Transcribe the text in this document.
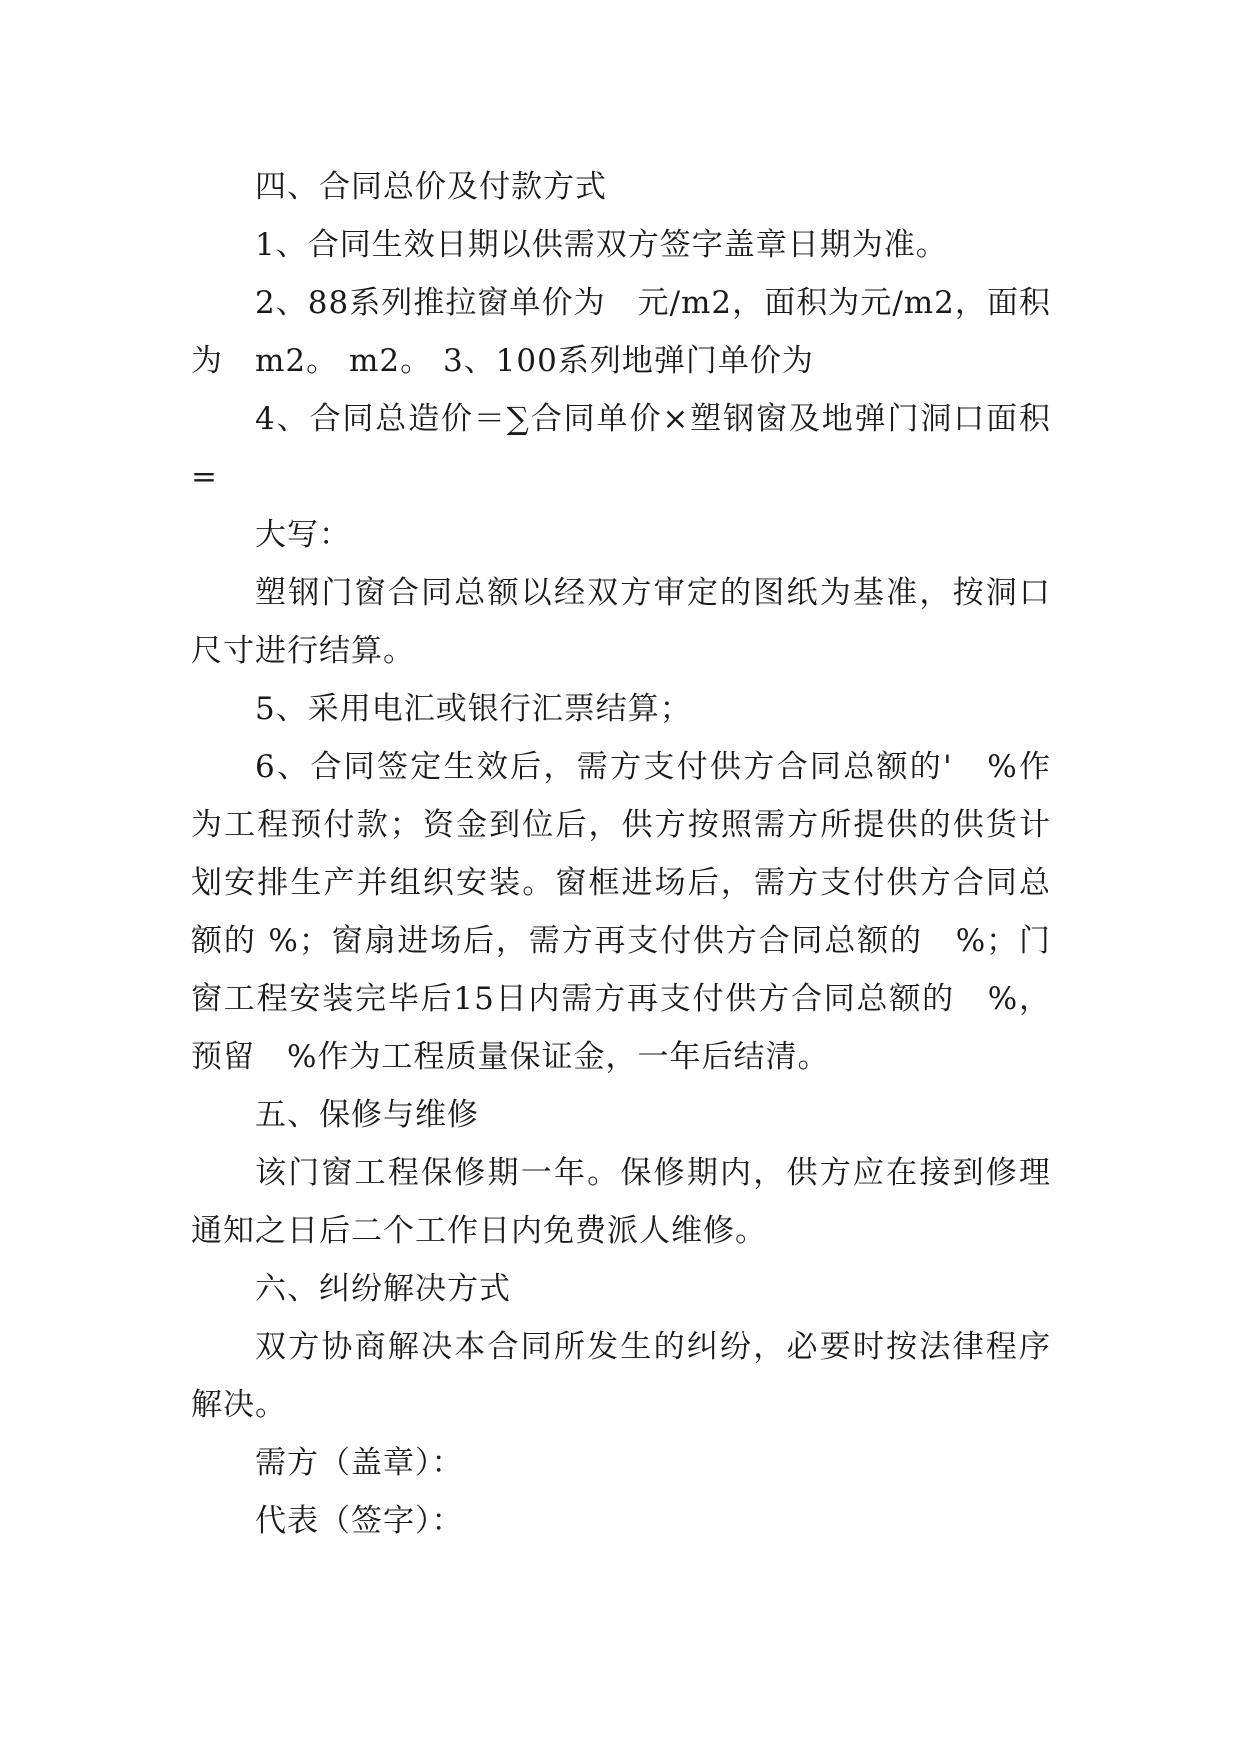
四、合同总价及付款方式

1、合同生效日期以供需双方签字盖章日期为准。

2、88系列推拉窗单价为　元/m2，面积为元/m2，面积为　m2。 m2。 3、100系列地弹门单价为

4、合同总造价＝∑合同单价×塑钢窗及地弹门洞口面积=

大写：

塑钢门窗合同总额以经双方审定的图纸为基准，按洞口尺寸进行结算。

5、采用电汇或银行汇票结算；

6、合同签定生效后，需方支付供方合同总额的'　%作为工程预付款；资金到位后，供方按照需方所提供的供货计划安排生产并组织安装。窗框进场后，需方支付供方合同总额的 %；窗扇进场后，需方再支付供方合同总额的　%；门窗工程安装完毕后15日内需方再支付供方合同总额的　%，预留　%作为工程质量保证金，一年后结清。

五、保修与维修

该门窗工程保修期一年。保修期内，供方应在接到修理通知之日后二个工作日内免费派人维修。

六、纠纷解决方式

双方协商解决本合同所发生的纠纷，必要时按法律程序解决。

需方（盖章）：

代表（签字）：
